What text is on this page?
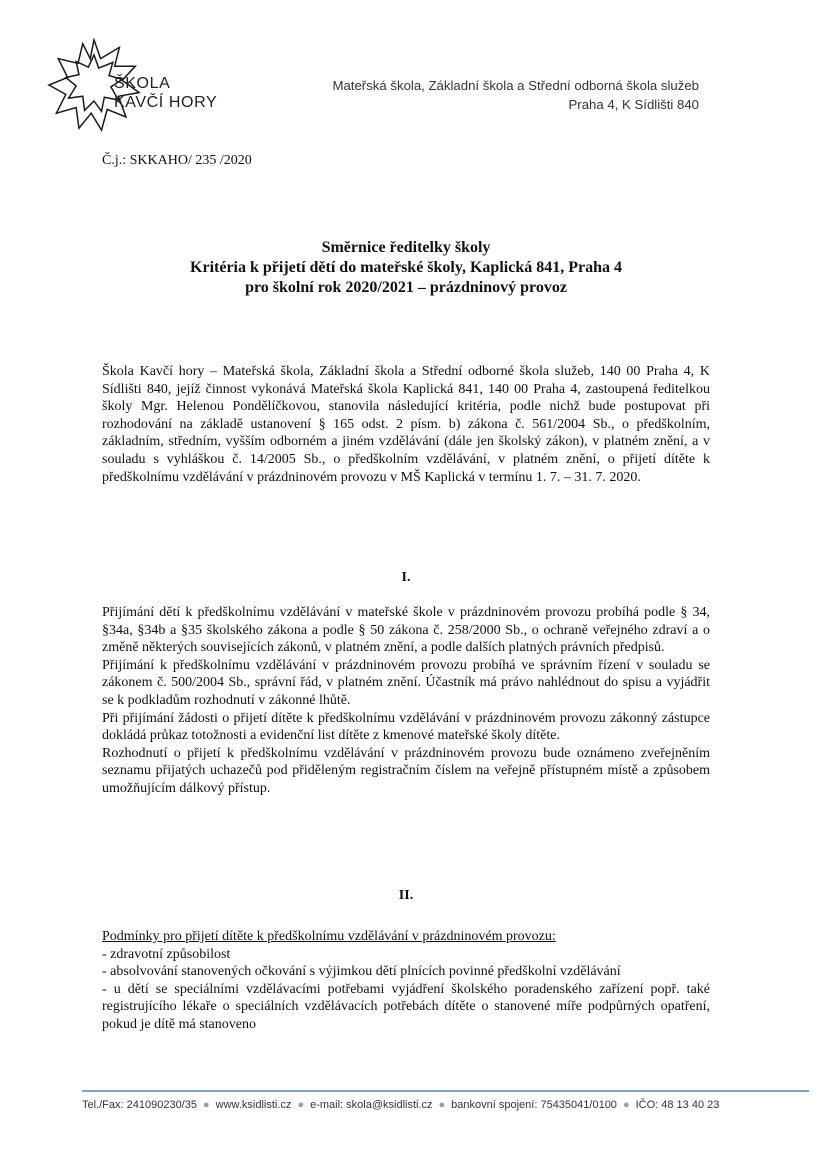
ŠKOLA
KAVČÍ HORY
Mateřská škola, Základní škola a Střední odborná škola služeb
Praha 4, K Sídlišti 840
Č.j.: SKKAHO/ 235 /2020
Směrnice ředitelky školy
Kritéria k přijetí dětí do mateřské školy, Kaplická 841, Praha 4
pro školní rok 2020/2021 – prázdninový provoz

Škola Kavčí hory – Mateřská škola, Základní škola a Střední odborné škola služeb, 140 00 Praha 4, K Sídlišti 840, jejíž činnost vykonává Mateřská škola Kaplická 841, 140 00 Praha 4, zastoupená ředitelkou školy Mgr. Helenou Pondělíčkovou, stanovila následující kritéria, podle nichž bude postupovat při rozhodování na základě ustanovení § 165 odst. 2 písm. b) zákona č. 561/2004 Sb., o předškolním, základním, středním, vyšším odborném a jiném vzdělávání (dále jen školský zákon), v platném znění, a v souladu s vyhláškou č. 14/2005 Sb., o předškolním vzdělávání, v platném znění, o přijetí dítěte k předškolnímu vzdělávání v prázdninovém provozu v MŠ Kaplická v termínu 1. 7. – 31. 7. 2020.

I.

Přijímání dětí k předškolnímu vzdělávání v mateřské škole v prázdninovém provozu probíhá podle § 34, §34a, §34b a §35 školského zákona a podle § 50 zákona č. 258/2000 Sb., o ochraně veřejného zdraví a o změně některých souvisejících zákonů, v platném znění, a podle dalších platných právních předpisů.

Přijímání k předškolnímu vzdělávání v prázdninovém provozu probíhá ve správním řízení v souladu se zákonem č. 500/2004 Sb., správní řád, v platném znění. Účastník má právo nahlédnout do spisu a vyjádřit se k podkladům rozhodnutí v zákonné lhůtě.

Při přijímání žádosti o přijetí dítěte k předškolnímu vzdělávání v prázdninovém provozu zákonný zástupce dokládá průkaz totožnosti a evidenční list dítěte z kmenové mateřské školy dítěte.

Rozhodnutí o přijetí k předškolnímu vzdělávání v prázdninovém provozu bude oznámeno zveřejněním seznamu přijatých uchazečů pod přiděleným registračním číslem na veřejně přístupném místě a způsobem umožňujícím dálkový přístup.

II.

Podmínky pro přijetí dítěte k předškolnímu vzdělávání v prázdninovém provozu:

- zdravotní způsobilost

- absolvování stanovených očkování s výjimkou dětí plnících povinné předškolní vzdělávání

- u dětí se speciálními vzdělávacími potřebami vyjádření školského poradenského zařízení popř. také registrujícího lékaře o speciálních vzdělávacích potřebách dítěte o stanovené míře podpůrných opatření, pokud je dítě má stanoveno

Tel./Fax: 241090230/35 ● www.ksidlisti.cz ● e-mail: skola@ksidlisti.cz ● bankovní spojení: 75435041/0100 ● IČO: 48 13 40 23
